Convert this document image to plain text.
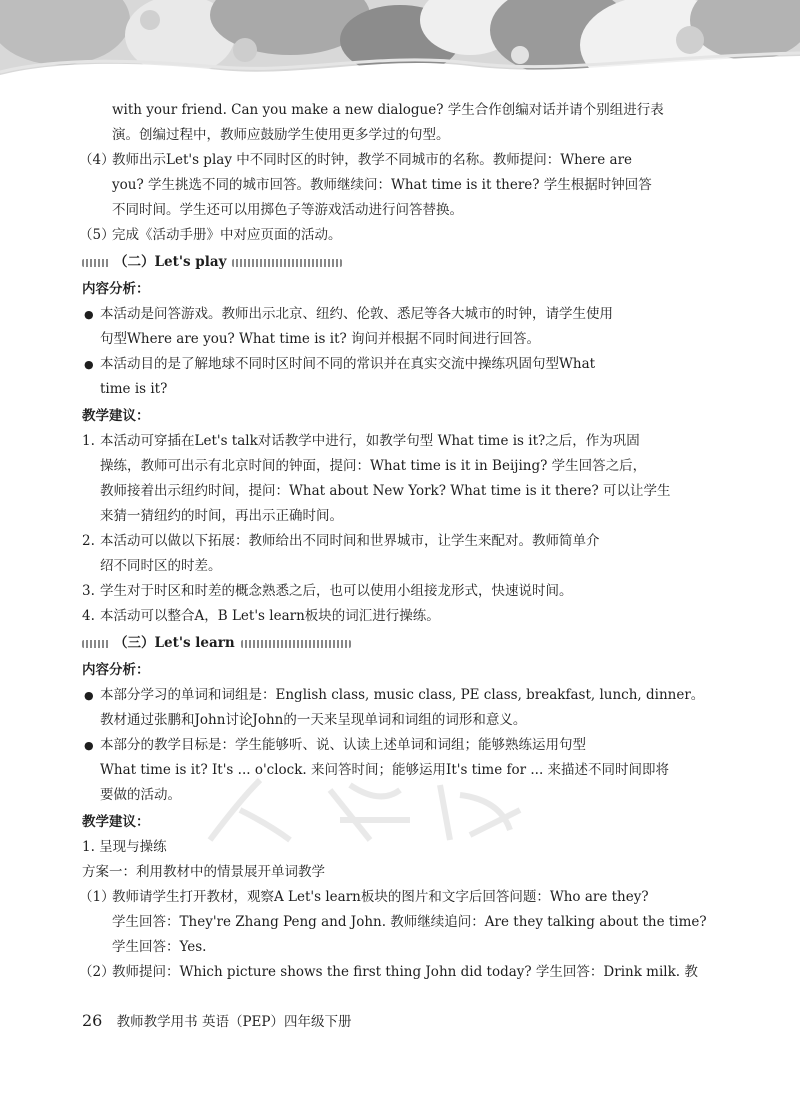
with your friend. Can you make a new dialogue? 学生合作创编对话并请个别组进行表

演。创编过程中，教师应鼓励学生使用更多学过的句型。

（4）

教师出示Let's play 中不同时区的时钟，教学不同城市的名称。教师提问：Where are

you? 学生挑选不同的城市回答。教师继续问：What time is it there? 学生根据时钟回答

不同时间。学生还可以用掷色子等游戏活动进行问答替换。

（5）

完成《活动手册》中对应页面的活动。

（二）Let's play

内容分析：

● 本活动是问答游戏。教师出示北京、纽约、伦敦、悉尼等各大城市的时钟，请学生使用

句型Where are you? What time is it? 询问并根据不同时间进行回答。

● 本活动目的是了解地球不同时区时间不同的常识并在真实交流中操练巩固句型What

time is it?

教学建议：

1. 本活动可穿插在Let's talk对话教学中进行，如教学句型 What time is it?之后，作为巩固

操练，教师可出示有北京时间的钟面，提问：What time is it in Beijing? 学生回答之后，

教师接着出示纽约时间，提问：What about New York? What time is it there? 可以让学生

来猜一猜纽约的时间，再出示正确时间。

2. 本活动可以做以下拓展：教师给出不同时间和世界城市，让学生来配对。教师简单介

绍不同时区的时差。

3. 学生对于时区和时差的概念熟悉之后，也可以使用小组接龙形式，快速说时间。

4. 本活动可以整合A，B Let's learn板块的词汇进行操练。

（三）Let's learn

内容分析：

● 本部分学习的单词和词组是：English class, music class, PE class, breakfast, lunch, dinner。

教材通过张鹏和John讨论John的一天来呈现单词和词组的词形和意义。

● 本部分的教学目标是：学生能够听、说、认读上述单词和词组；能够熟练运用句型

What time is it? It's ... o'clock. 来问答时间；能够运用It's time for ... 来描述不同时间即将

要做的活动。

教学建议：

1. 呈现与操练

方案一：利用教材中的情景展开单词教学

（1）

教师请学生打开教材，观察A Let's learn板块的图片和文字后回答问题：Who are they?

学生回答：They're Zhang Peng and John. 教师继续追问：Are they talking about the time?

学生回答：Yes.

（2）

教师提问：Which picture shows the first thing John did today? 学生回答：Drink milk. 教

26 教师教学用书 英语（PEP）四年级下册
